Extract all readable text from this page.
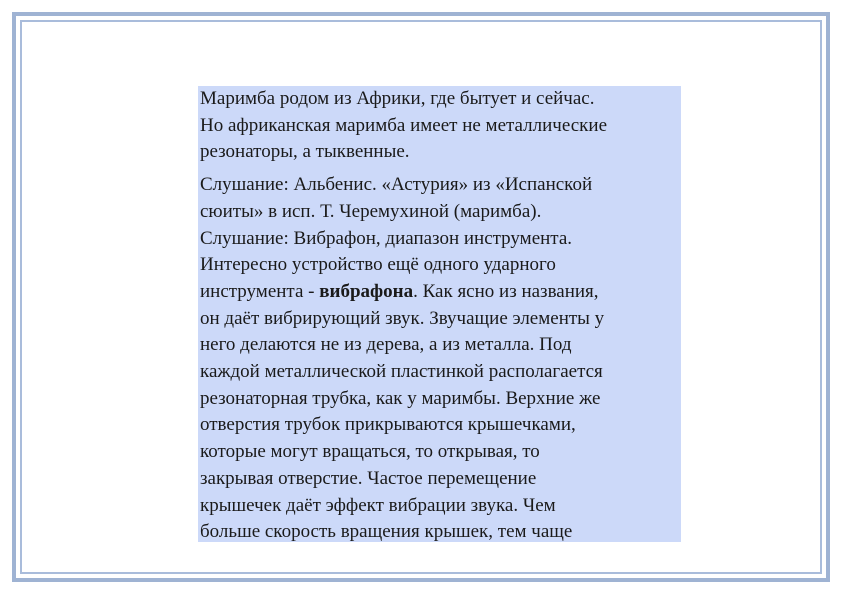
Маримба родом из Африки, где бытует и сейчас.
Но африканская маримба имеет не металлические
резонаторы, а тыквенные.
Слушание: Альбенис. «Астурия» из «Испанской
сюиты» в исп. Т. Черемухиной (маримба).
Слушание: Вибрафон, диапазон инструмента.
Интересно устройство ещё одного ударного
инструмента - вибрафона. Как ясно из названия,
он даёт вибрирующий звук. Звучащие элементы у
него делаются не из дерева, а из металла. Под
каждой металлической пластинкой располагается
резонаторная трубка, как у маримбы. Верхние же
отверстия трубок прикрываются крышечками,
которые могут вращаться, то открывая, то
закрывая отверстие. Частое перемещение
крышечек даёт эффект вибрации звука. Чем
больше скорость вращения крышек, тем чаще
